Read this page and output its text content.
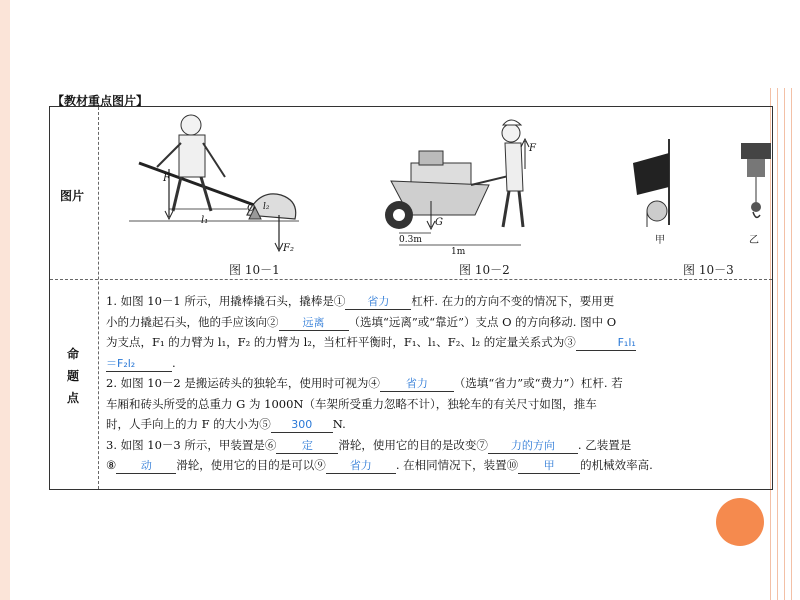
【教材重点图片】
图片
命
题
点
F
l₁
O l₂
F₂
图 10－1
G
F
0.3m
1m
图 10－2
甲	乙
图 10－3
1. 如图 10－1 所示，用撬棒撬石头，撬棒是① 省力 杠杆. 在力的方向不变的情况下，要用更
小的力撬起石头，他的手应该向② 远离 （选填“远离”或“靠近”）支点 O 的方向移动. 图中 O
为支点，F₁ 的力臂为 l₁，F₂ 的力臂为 l₂，当杠杆平衡时，F₁、l₁、F₂、l₂ 的定量关系式为③	F₁l₁
＝F₂l₂	.
2. 如图 10－2 是搬运砖头的独轮车，使用时可视为④ 省力 （选填“省力”或“费力”）杠杆. 若
车厢和砖头所受的总重力 G 为 1000N（车架所受重力忽略不计），独轮车的有关尺寸如图，推车
时，人手向上的力 F 的大小为⑤ 300 N.
3. 如图 10－3 所示，甲装置是⑥ 定 滑轮，使用它的目的是改变⑦ 力的方向 . 乙装置是
⑧ 动 滑轮，使用它的目的是可以⑨ 省力 . 在相同情况下，装置⑩ 甲 的机械效率高.
